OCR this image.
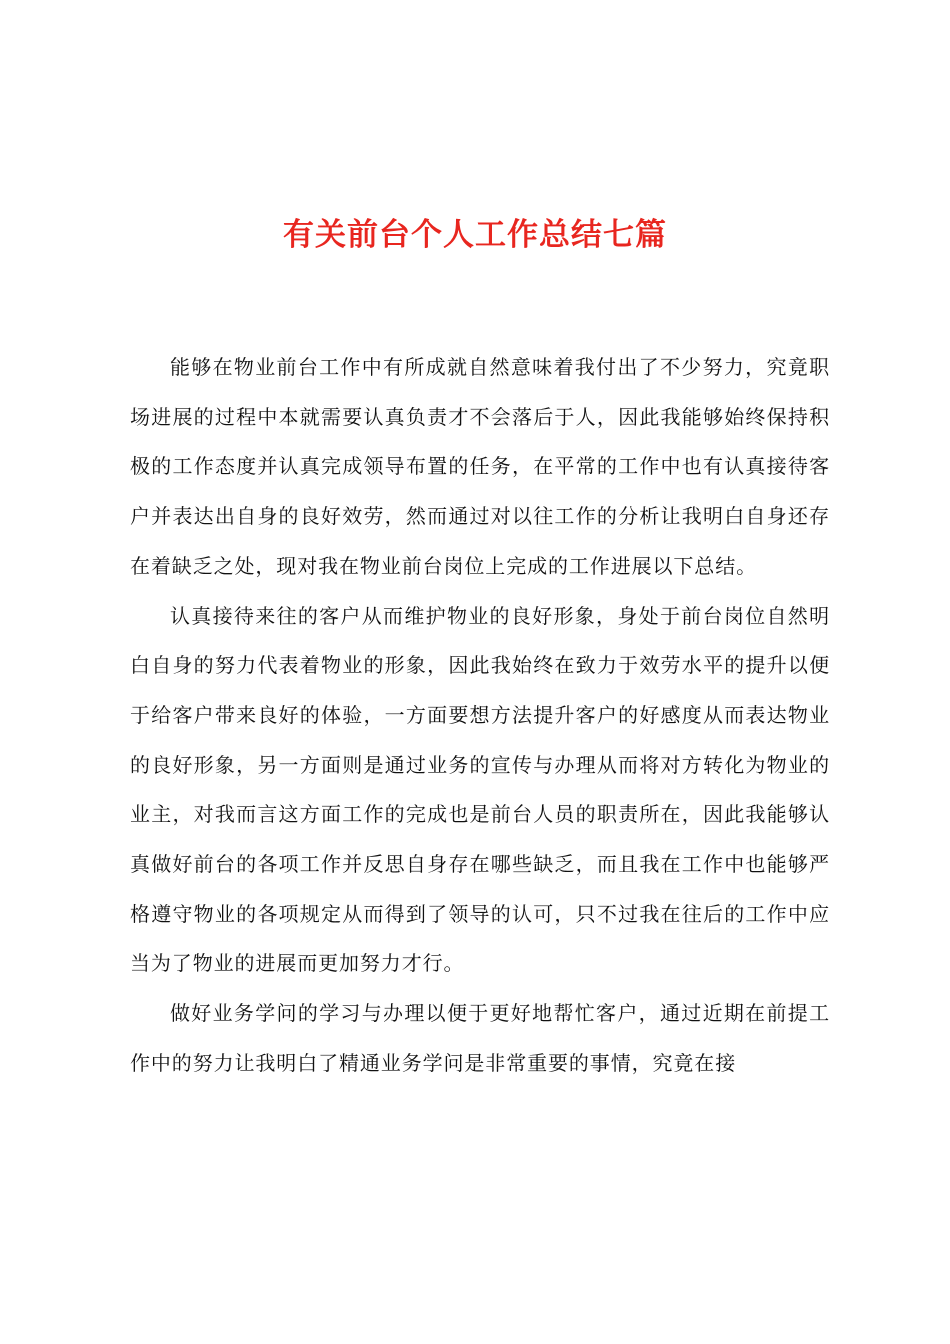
有关前台个人工作总结七篇

能够在物业前台工作中有所成就自然意味着我付出了不少努力，究竟职场进展的过程中本就需要认真负责才不会落后于人，因此我能够始终保持积极的工作态度并认真完成领导布置的任务，在平常的工作中也有认真接待客户并表达出自身的良好效劳，然而通过对以往工作的分析让我明白自身还存在着缺乏之处，现对我在物业前台岗位上完成的工作进展以下总结。

认真接待来往的客户从而维护物业的良好形象，身处于前台岗位自然明白自身的努力代表着物业的形象，因此我始终在致力于效劳水平的提升以便于给客户带来良好的体验，一方面要想方法提升客户的好感度从而表达物业的良好形象，另一方面则是通过业务的宣传与办理从而将对方转化为物业的业主，对我而言这方面工作的完成也是前台人员的职责所在，因此我能够认真做好前台的各项工作并反思自身存在哪些缺乏，而且我在工作中也能够严格遵守物业的各项规定从而得到了领导的认可，只不过我在往后的工作中应当为了物业的进展而更加努力才行。

做好业务学问的学习与办理以便于更好地帮忙客户，通过近期在前提工作中的努力让我明白了精通业务学问是非常重要的事情，究竟在接
